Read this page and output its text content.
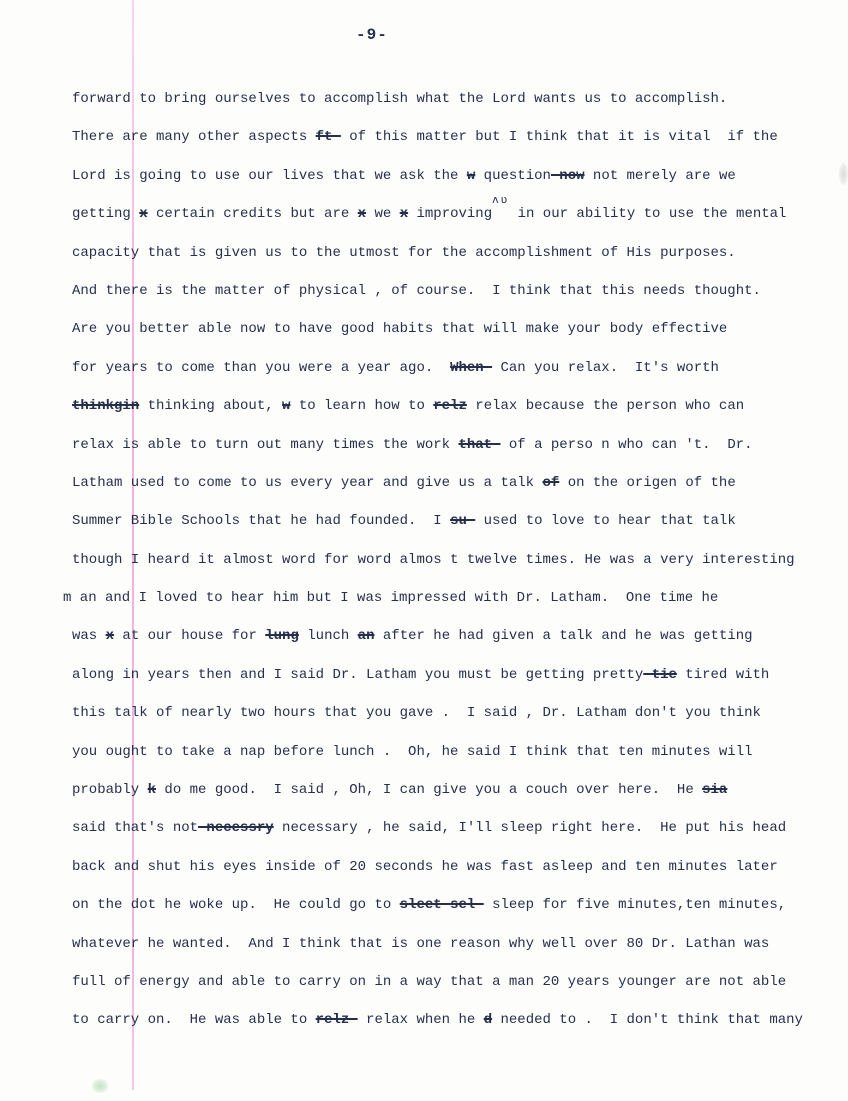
-9-
forward to bring ourselves to accomplish what the Lord wants us to accomplish.
There are many other aspects ft- of this matter but I think that it is vital  if the
Lord is going to use our lives that we ask the w question-now not merely are we
getting x certain credits but are x we x improving$^{ʌʋ}$ in our ability to use the mental
capacity that is given us to the utmost for the accomplishment of His purposes.
And there is the matter of physical , of course.  I think that this needs thought.
Are you better able now to have good habits that will make your body effective
for years to come than you were a year ago.  When- Can you relax.  It's worth
thinkgin thinking about, w to learn how to relz relax because the person who can
relax is able to turn out many times the work that- of a perso n who can 't.  Dr.
Latham used to come to us every year and give us a talk of on the origen of the
Summer Bible Schools that he had founded.  I su- used to love to hear that talk
though I heard it almost word for word almos t twelve times. He was a very interesting
m an and I loved to hear him but I was impressed with Dr. Latham.  One time he
was x at our house for lung lunch an after he had given a talk and he was getting
along in years then and I said Dr. Latham you must be getting pretty-tie tired with
this talk of nearly two hours that you gave .  I said , Dr. Latham don't you think
you ought to take a nap before lunch .  Oh, he said I think that ten minutes will
probably k do me good.  I said , Oh, I can give you a couch over here.  He sia
said that's not-necessry necessary , he said, I'll sleep right here.  He put his head
back and shut his eyes inside of 20 seconds he was fast asleep and ten minutes later
on the dot he woke up.  He could go to sleet sel- sleep for five minutes,ten minutes,
whatever he wanted.  And I think that is one reason why well over 80 Dr. Lathan was
full of energy and able to carry on in a way that a man 20 years younger are not able
to carry on.  He was able to relz- relax when he d needed to .  I don't think that many
